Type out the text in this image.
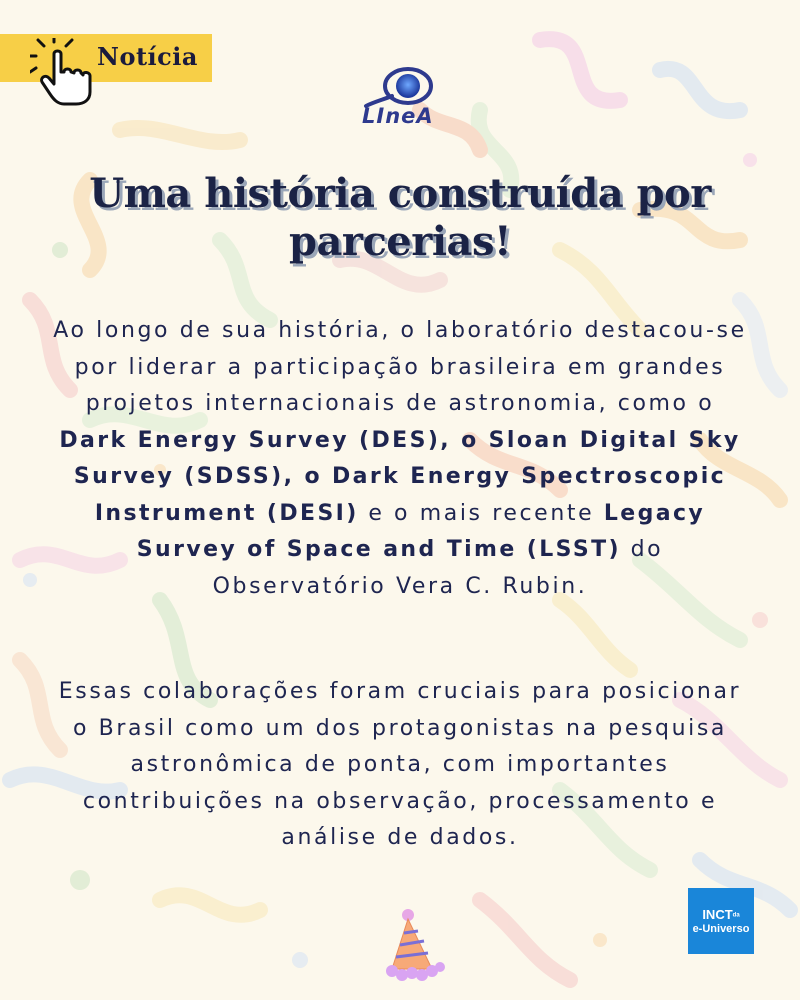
Notícia
LIneA
Uma história construída por parcerias!
Ao longo de sua história, o laboratório destacou-se por liderar a participação brasileira em grandes projetos internacionais de astronomia, como o Dark Energy Survey (DES), o Sloan Digital Sky Survey (SDSS), o Dark Energy Spectroscopic Instrument (DESI) e o mais recente Legacy Survey of Space and Time (LSST) do Observatório Vera C. Rubin.
Essas colaborações foram cruciais para posicionar o Brasil como um dos protagonistas na pesquisa astronômica de ponta, com importantes contribuições na observação, processamento e análise de dados.
INCTda
e-Universo
